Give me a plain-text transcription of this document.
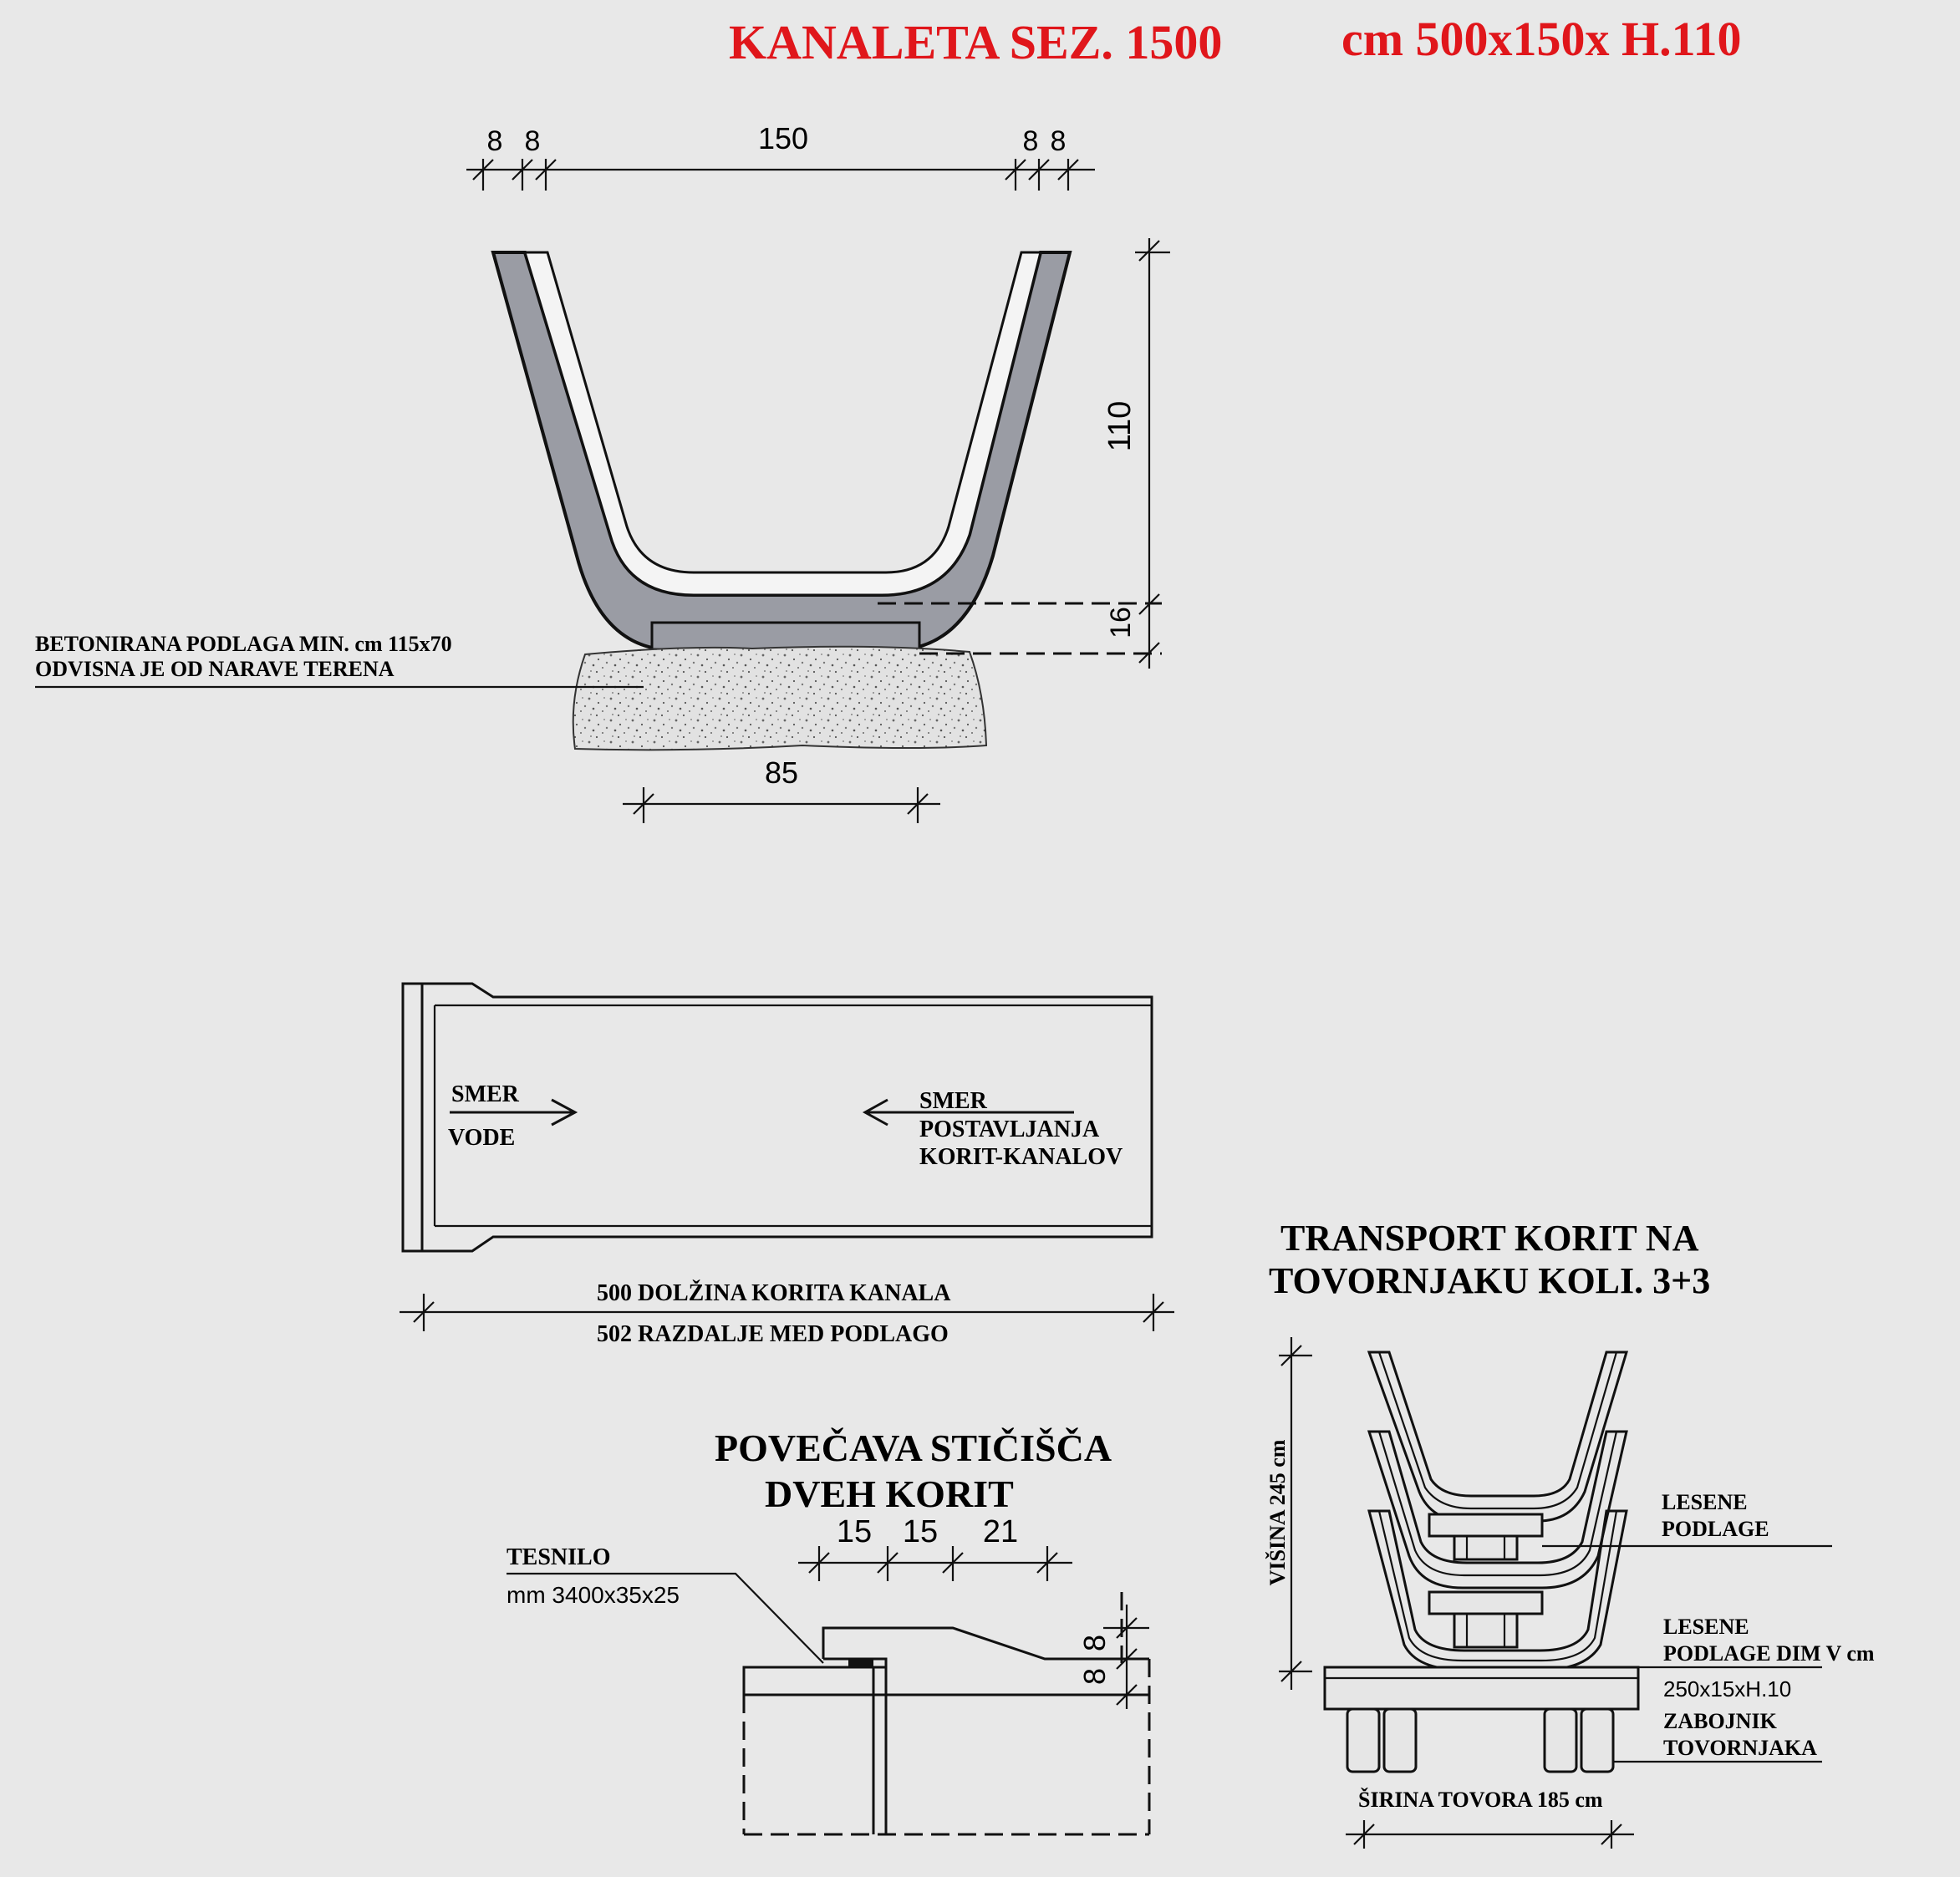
KANALETA SEZ. 1500 cm 500x150x H.110
8 8	150	8 8
110
16
85
BETONIRANA PODLAGA MIN. cm 115x70
ODVISNA JE OD NARAVE TERENA
SMER
VODE
SMER
POSTAVLJANJA
KORIT-KANALOV
500 DOLŽINA KORITA KANALA
502 RAZDALJE MED PODLAGO
POVEČAVA STIČIŠČA
DVEH KORIT
15 15 21
8
8
TESNILO
mm 3400x35x25
TRANSPORT KORIT NA
TOVORNJAKU KOLI. 3+3
VIŠINA 245 cm	LESENE
PODLAGE
LESENE
PODLAGE DIM V cm
250x15xH.10
ZABOJNIK
TOVORNJAKA
ŠIRINA TOVORA 185 cm
